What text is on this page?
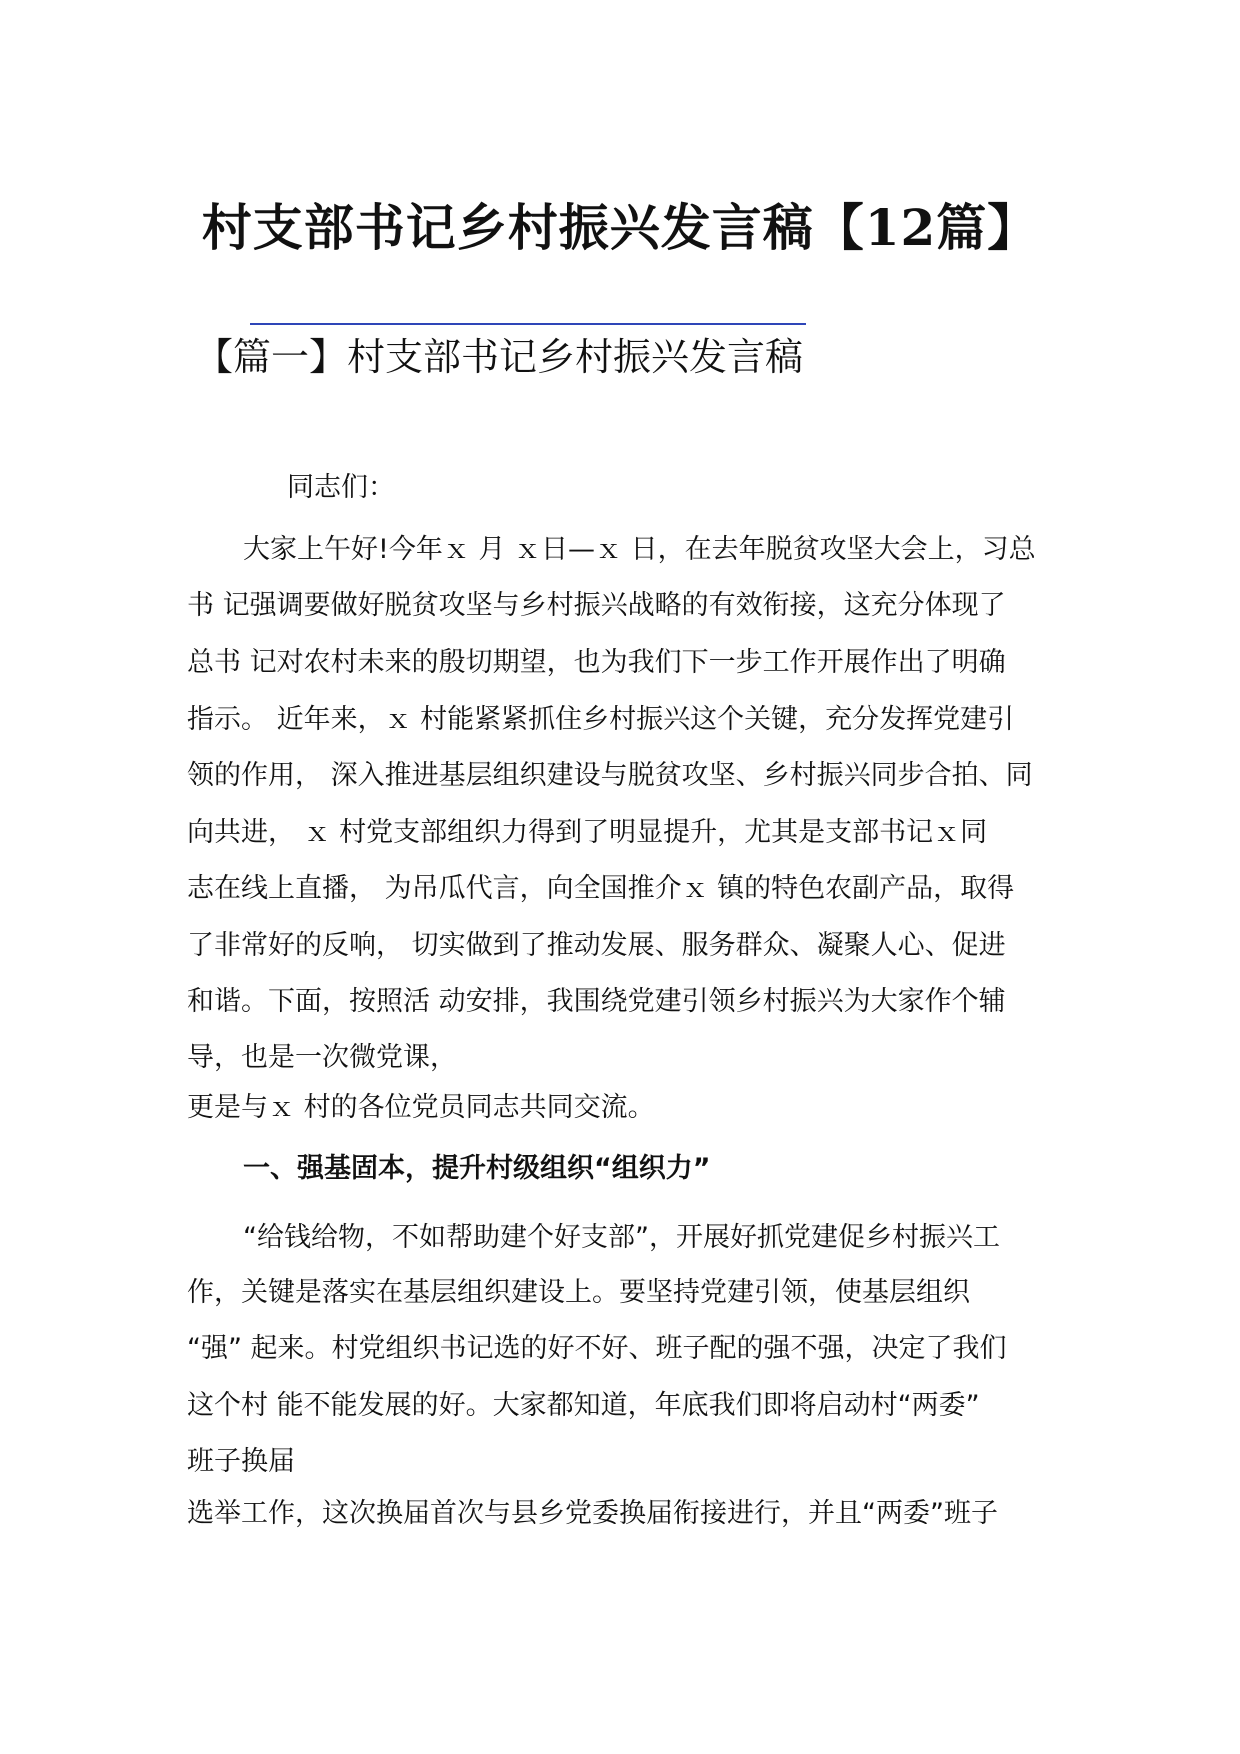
村支部书记乡村振兴发言稿【12篇】
【篇一】村支部书记乡村振兴发言稿
同志们：
大家上午好!今年ｘ 月 ｘ日—ｘ 日，在去年脱贫攻坚大会上，习总
书 记强调要做好脱贫攻坚与乡村振兴战略的有效衔接，这充分体现了
总书 记对农村未来的殷切期望，也为我们下一步工作开展作出了明确
指示。 近年来，ｘ 村能紧紧抓住乡村振兴这个关键，充分发挥党建引
领的作用， 深入推进基层组织建设与脱贫攻坚、乡村振兴同步合拍、同
向共进， ｘ 村党支部组织力得到了明显提升，尤其是支部书记ｘ同
志在线上直播， 为吊瓜代言，向全国推介ｘ 镇的特色农副产品，取得
了非常好的反响， 切实做到了推动发展、服务群众、凝聚人心、促进
和谐。下面，按照活 动安排，我围绕党建引领乡村振兴为大家作个辅
导，也是一次微党课，
更是与ｘ 村的各位党员同志共同交流。
一、强基固本，提升村级组织“组织力”
“给钱给物，不如帮助建个好支部”，开展好抓党建促乡村振兴工
作，关键是落实在基层组织建设上。要坚持党建引领，使基层组织
“强” 起来。村党组织书记选的好不好、班子配的强不强，决定了我们
这个村 能不能发展的好。大家都知道，年底我们即将启动村“两委”
班子换届
选举工作，这次换届首次与县乡党委换届衔接进行，并且“两委”班子
